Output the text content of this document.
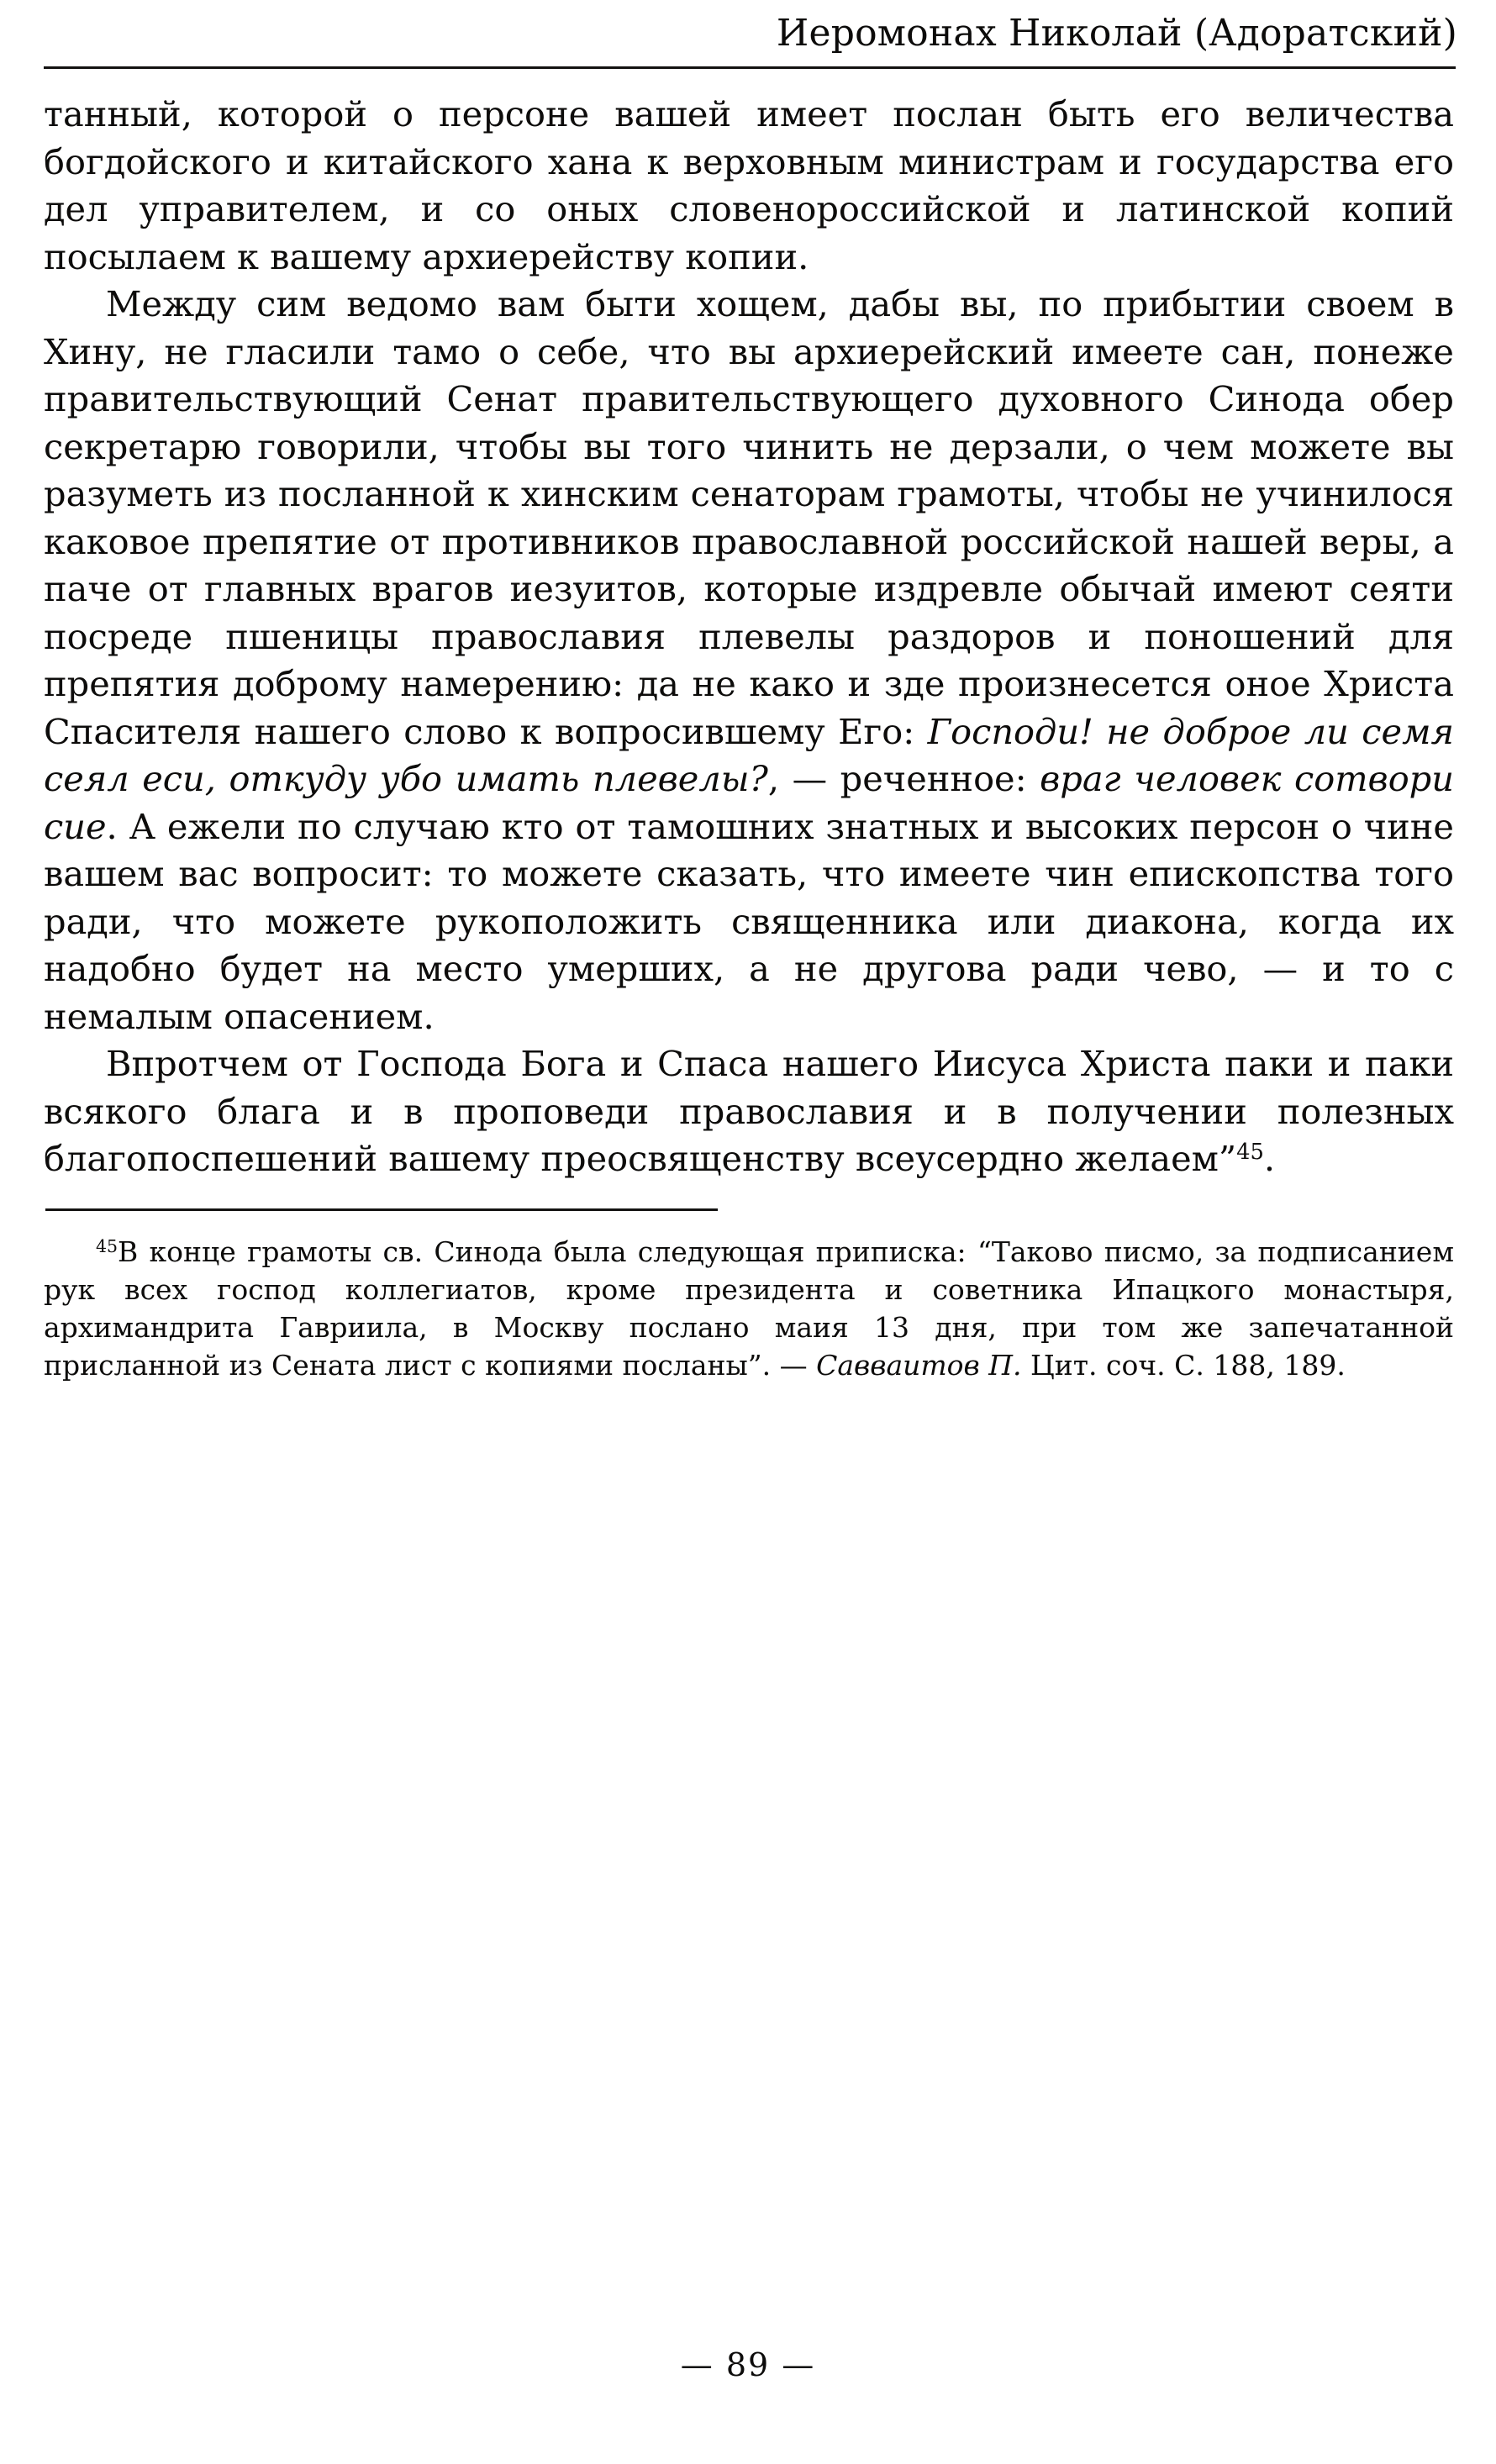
Иеромонах Николай (Адоратский)

танный, которой о персоне вашей имеет послан быть его величества богдойского и китайского хана к верховным министрам и государства его дел управителем, и со оных словенороссийской и латинской копий посылаем к вашему архиерейству копии.

Между сим ведомо вам быти хощем, дабы вы, по прибытии своем в Хину, не гласили тамо о себе, что вы архиерейский имеете сан, понеже правительствующий Сенат правительствующего духовного Синода обер секретарю говорили, чтобы вы того чинить не дерзали, о чем можете вы разуметь из посланной к хинским сенаторам грамоты, чтобы не учинилося каковое препятие от противников православной российской нашей веры, а паче от главных врагов иезуитов, которые издревле обычай имеют сеяти посреде пшеницы православия плевелы раздоров и поношений для препятия доброму намерению: да не како и зде произнесется оное Христа Спасителя нашего слово к вопросившему Его: Господи! не доброе ли семя сеял еси, откуду убо имать плевелы?, — реченное: враг человек сотвори сие. А ежели по случаю кто от тамошних знатных и высоких персон о чине вашем вас вопросит: то можете сказать, что имеете чин епископства того ради, что можете рукоположить священника или диакона, когда их надобно будет на место умерших, а не другова ради чево, — и то с немалым опасением.

Впротчем от Господа Бога и Спаса нашего Иисуса Христа паки и паки всякого блага и в проповеди православия и в получении полезных благопоспешений вашему преосвященству всеусердно желаем”$^{45}$.

$^{45}$В конце грамоты св. Синода была следующая приписка: “Таково писмо, за подписанием рук всех господ коллегиатов, кроме президента и советника Ипацкого монастыря, архимандрита Гавриила, в Москву послано маия 13 дня, при том же запечатанной присланной из Сената лист с копиями посланы”. — Савваитов П. Цит. соч. С. 188, 189.

— 89 —
